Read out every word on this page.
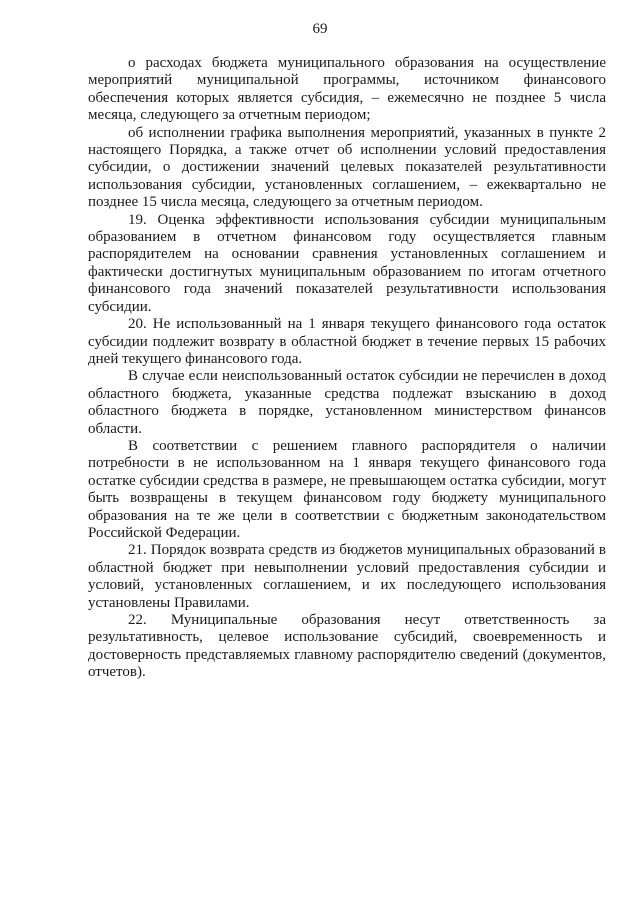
69

о расходах бюджета муниципального образования на осуществление мероприятий муниципальной программы, источником финансового обеспечения которых является субсидия, – ежемесячно не позднее 5 числа месяца, следующего за отчетным периодом;

об исполнении графика выполнения мероприятий, указанных в пункте 2 настоящего Порядка, а также отчет об исполнении условий предоставления субсидии, о достижении значений целевых показателей результативности использования субсидии, установленных соглашением, – ежеквартально не позднее 15 числа месяца, следующего за отчетным периодом.

19. Оценка эффективности использования субсидии муниципальным образованием в отчетном финансовом году осуществляется главным распорядителем на основании сравнения установленных соглашением и фактически достигнутых муниципальным образованием по итогам отчетного финансового года значений показателей результативности использования субсидии.

20. Не использованный на 1 января текущего финансового года остаток субсидии подлежит возврату в областной бюджет в течение первых 15 рабочих дней текущего финансового года.

В случае если неиспользованный остаток субсидии не перечислен в доход областного бюджета, указанные средства подлежат взысканию в доход областного бюджета в порядке, установленном министерством финансов области.

В соответствии с решением главного распорядителя о наличии потребности в не использованном на 1 января текущего финансового года остатке субсидии средства в размере, не превышающем остатка субсидии, могут быть возвращены в текущем финансовом году бюджету муниципального образования на те же цели в соответствии с бюджетным законодательством Российской Федерации.

21. Порядок возврата средств из бюджетов муниципальных образований в областной бюджет при невыполнении условий предоставления субсидии и условий, установленных соглашением, и их последующего использования установлены Правилами.

22. Муниципальные образования несут ответственность за результативность, целевое использование субсидий, своевременность и достоверность представляемых главному распорядителю сведений (документов, отчетов).
